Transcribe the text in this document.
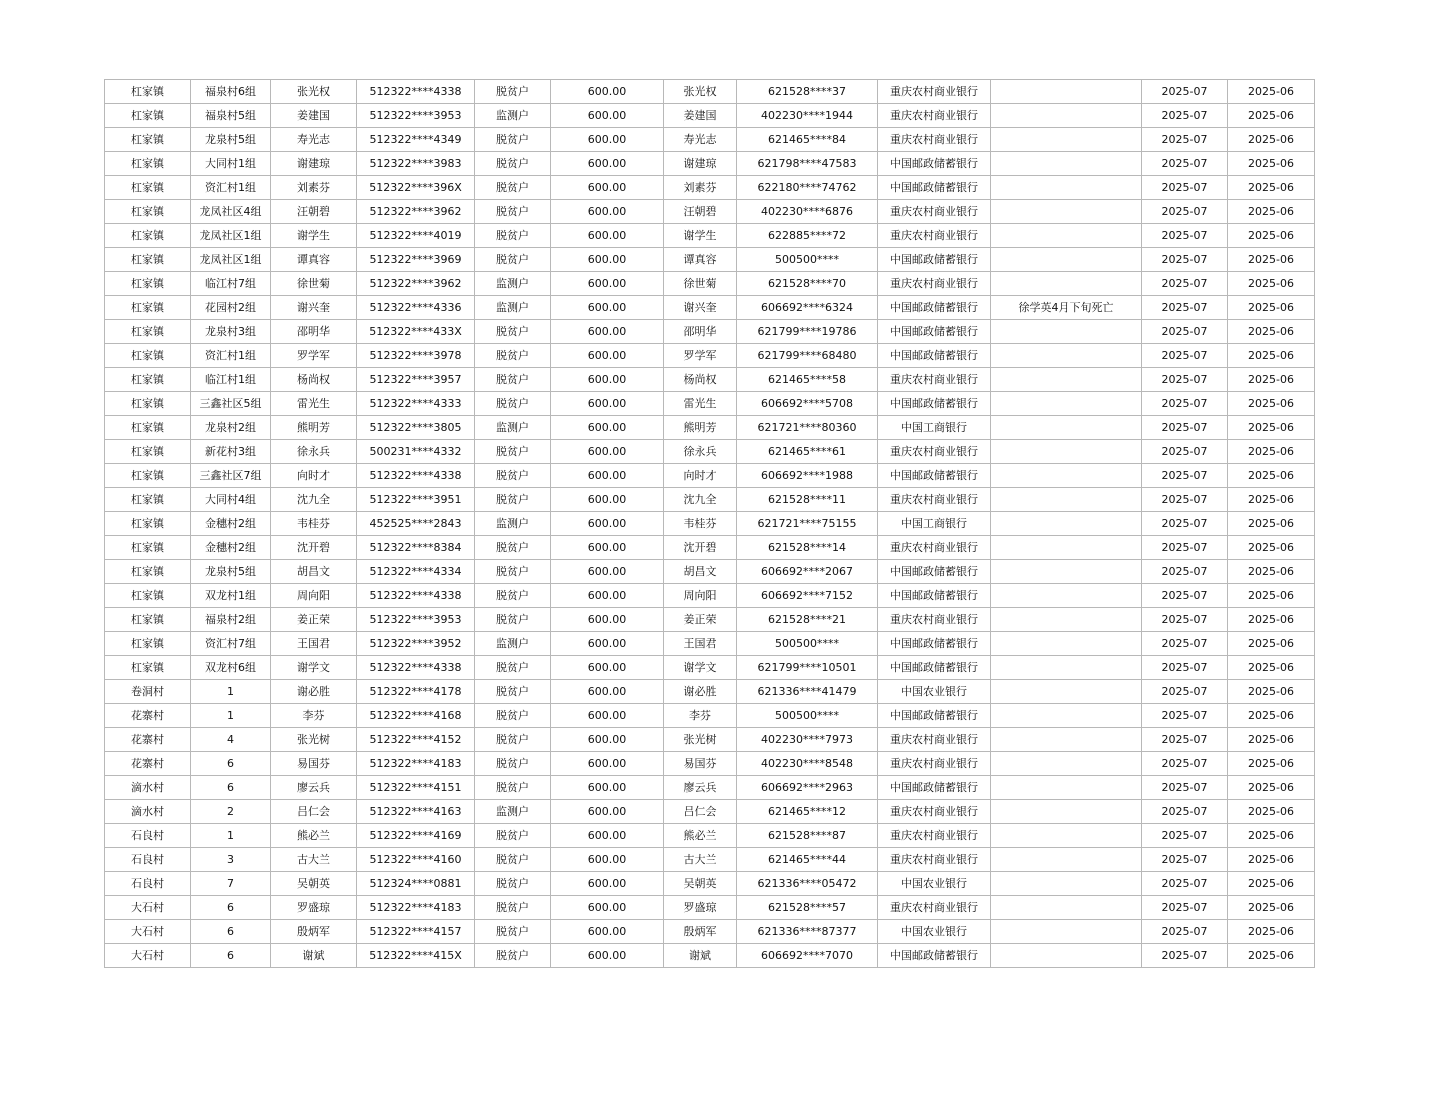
杠家镇	福泉村6组	张光权	512322****4338	脱贫户	600.00	张光权	621528****37	重庆农村商业银行		2025-07	2025-06
杠家镇	福泉村5组	姜建国	512322****3953	监测户	600.00	姜建国	402230****1944	重庆农村商业银行		2025-07	2025-06
杠家镇	龙泉村5组	寿光志	512322****4349	脱贫户	600.00	寿光志	621465****84	重庆农村商业银行		2025-07	2025-06
杠家镇	大同村1组	谢建琼	512322****3983	脱贫户	600.00	谢建琼	621798****47583	中国邮政储蓄银行		2025-07	2025-06
杠家镇	资汇村1组	刘素芬	512322****396X	脱贫户	600.00	刘素芬	622180****74762	中国邮政储蓄银行		2025-07	2025-06
杠家镇	龙凤社区4组	汪朝碧	512322****3962	脱贫户	600.00	汪朝碧	402230****6876	重庆农村商业银行		2025-07	2025-06
杠家镇	龙凤社区1组	谢学生	512322****4019	脱贫户	600.00	谢学生	622885****72	重庆农村商业银行		2025-07	2025-06
杠家镇	龙凤社区1组	谭真容	512322****3969	脱贫户	600.00	谭真容	500500****	中国邮政储蓄银行		2025-07	2025-06
杠家镇	临江村7组	徐世菊	512322****3962	监测户	600.00	徐世菊	621528****70	重庆农村商业银行		2025-07	2025-06
杠家镇	花园村2组	谢兴奎	512322****4336	监测户	600.00	谢兴奎	606692****6324	中国邮政储蓄银行	徐学英4月下旬死亡	2025-07	2025-06
杠家镇	龙泉村3组	邵明华	512322****433X	脱贫户	600.00	邵明华	621799****19786	中国邮政储蓄银行		2025-07	2025-06
杠家镇	资汇村1组	罗学军	512322****3978	脱贫户	600.00	罗学军	621799****68480	中国邮政储蓄银行		2025-07	2025-06
杠家镇	临江村1组	杨尚权	512322****3957	脱贫户	600.00	杨尚权	621465****58	重庆农村商业银行		2025-07	2025-06
杠家镇	三鑫社区5组	雷光生	512322****4333	脱贫户	600.00	雷光生	606692****5708	中国邮政储蓄银行		2025-07	2025-06
杠家镇	龙泉村2组	熊明芳	512322****3805	监测户	600.00	熊明芳	621721****80360	中国工商银行		2025-07	2025-06
杠家镇	新花村3组	徐永兵	500231****4332	脱贫户	600.00	徐永兵	621465****61	重庆农村商业银行		2025-07	2025-06
杠家镇	三鑫社区7组	向时才	512322****4338	脱贫户	600.00	向时才	606692****1988	中国邮政储蓄银行		2025-07	2025-06
杠家镇	大同村4组	沈九全	512322****3951	脱贫户	600.00	沈九全	621528****11	重庆农村商业银行		2025-07	2025-06
杠家镇	金穗村2组	韦桂芬	452525****2843	监测户	600.00	韦桂芬	621721****75155	中国工商银行		2025-07	2025-06
杠家镇	金穗村2组	沈开碧	512322****8384	脱贫户	600.00	沈开碧	621528****14	重庆农村商业银行		2025-07	2025-06
杠家镇	龙泉村5组	胡昌文	512322****4334	脱贫户	600.00	胡昌文	606692****2067	中国邮政储蓄银行		2025-07	2025-06
杠家镇	双龙村1组	周向阳	512322****4338	脱贫户	600.00	周向阳	606692****7152	中国邮政储蓄银行		2025-07	2025-06
杠家镇	福泉村2组	姜正荣	512322****3953	脱贫户	600.00	姜正荣	621528****21	重庆农村商业银行		2025-07	2025-06
杠家镇	资汇村7组	王国君	512322****3952	监测户	600.00	王国君	500500****	中国邮政储蓄银行		2025-07	2025-06
杠家镇	双龙村6组	谢学文	512322****4338	脱贫户	600.00	谢学文	621799****10501	中国邮政储蓄银行		2025-07	2025-06
卷洞村	1	谢必胜	512322****4178	脱贫户	600.00	谢必胜	621336****41479	中国农业银行		2025-07	2025-06
花寨村	1	李芬	512322****4168	脱贫户	600.00	李芬	500500****	中国邮政储蓄银行		2025-07	2025-06
花寨村	4	张光树	512322****4152	脱贫户	600.00	张光树	402230****7973	重庆农村商业银行		2025-07	2025-06
花寨村	6	易国芬	512322****4183	脱贫户	600.00	易国芬	402230****8548	重庆农村商业银行		2025-07	2025-06
滴水村	6	廖云兵	512322****4151	脱贫户	600.00	廖云兵	606692****2963	中国邮政储蓄银行		2025-07	2025-06
滴水村	2	吕仁会	512322****4163	监测户	600.00	吕仁会	621465****12	重庆农村商业银行		2025-07	2025-06
石良村	1	熊必兰	512322****4169	脱贫户	600.00	熊必兰	621528****87	重庆农村商业银行		2025-07	2025-06
石良村	3	古大兰	512322****4160	脱贫户	600.00	古大兰	621465****44	重庆农村商业银行		2025-07	2025-06
石良村	7	吴朝英	512324****0881	脱贫户	600.00	吴朝英	621336****05472	中国农业银行		2025-07	2025-06
大石村	6	罗盛琼	512322****4183	脱贫户	600.00	罗盛琼	621528****57	重庆农村商业银行		2025-07	2025-06
大石村	6	殷炳军	512322****4157	脱贫户	600.00	殷炳军	621336****87377	中国农业银行		2025-07	2025-06
大石村	6	谢斌	512322****415X	脱贫户	600.00	谢斌	606692****7070	中国邮政储蓄银行		2025-07	2025-06
